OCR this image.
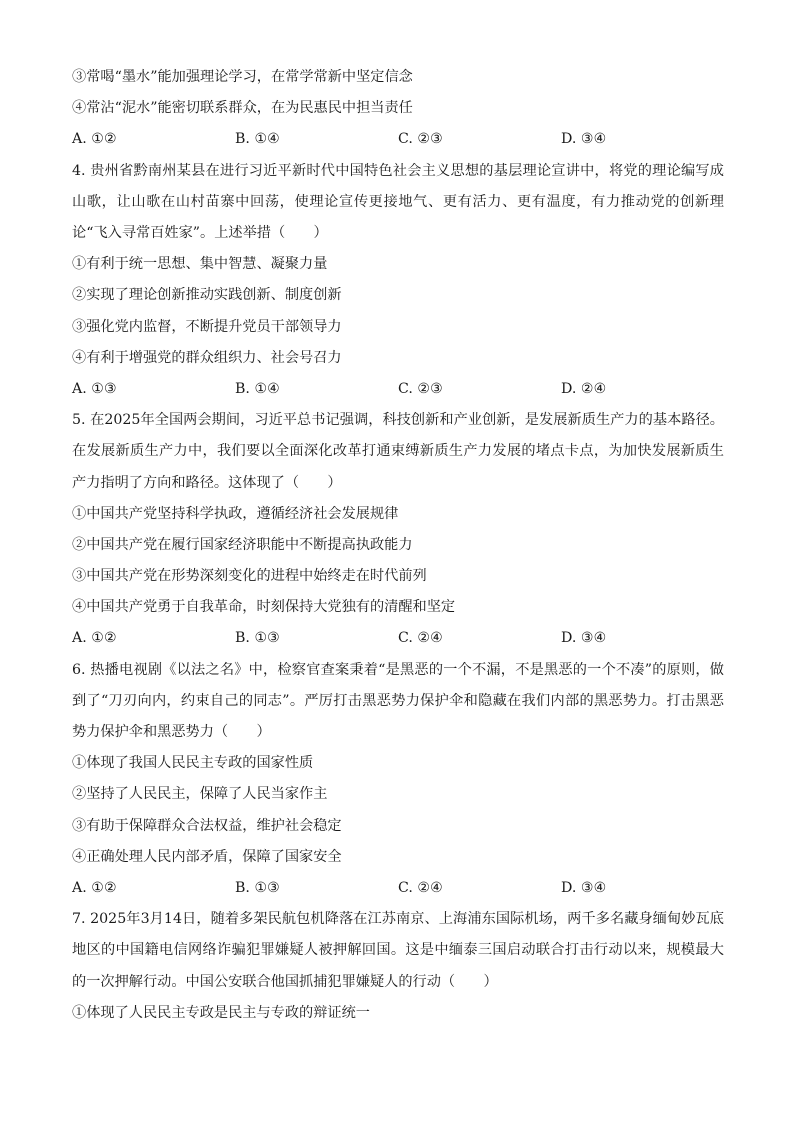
③常喝“墨水”能加强理论学习，在常学常新中坚定信念
④常沾“泥水”能密切联系群众，在为民惠民中担当责任
A. ①②	B. ①④	C. ②③	D. ③④
4. 贵州省黔南州某县在进行习近平新时代中国特色社会主义思想的基层理论宣讲中，将党的理论编写成山歌，让山歌在山村苗寨中回荡，使理论宣传更接地气、更有活力、更有温度，有力推动党的创新理论“飞入寻常百姓家”。上述举措（　　）
①有利于统一思想、集中智慧、凝聚力量
②实现了理论创新推动实践创新、制度创新
③强化党内监督，不断提升党员干部领导力
④有利于增强党的群众组织力、社会号召力
A. ①③	B. ①④	C. ②③	D. ②④
5. 在2025年全国两会期间，习近平总书记强调，科技创新和产业创新，是发展新质生产力的基本路径。在发展新质生产力中，我们要以全面深化改革打通束缚新质生产力发展的堵点卡点，为加快发展新质生产力指明了方向和路径。这体现了（　　）
①中国共产党坚持科学执政，遵循经济社会发展规律
②中国共产党在履行国家经济职能中不断提高执政能力
③中国共产党在形势深刻变化的进程中始终走在时代前列
④中国共产党勇于自我革命，时刻保持大党独有的清醒和坚定
A. ①②	B. ①③	C. ②④	D. ③④
6. 热播电视剧《以法之名》中，检察官查案秉着“是黑恶的一个不漏，不是黑恶的一个不凑”的原则，做到了“刀刃向内，约束自己的同志”。严厉打击黑恶势力保护伞和隐藏在我们内部的黑恶势力。打击黑恶势力保护伞和黑恶势力（　　）
①体现了我国人民民主专政的国家性质
②坚持了人民民主，保障了人民当家作主
③有助于保障群众合法权益，维护社会稳定
④正确处理人民内部矛盾，保障了国家安全
A. ①②	B. ①③	C. ②④	D. ③④
7. 2025年3月14日，随着多架民航包机降落在江苏南京、上海浦东国际机场，两千多名藏身缅甸妙瓦底地区的中国籍电信网络诈骗犯罪嫌疑人被押解回国。这是中缅泰三国启动联合打击行动以来，规模最大的一次押解行动。中国公安联合他国抓捕犯罪嫌疑人的行动（　　）
①体现了人民民主专政是民主与专政的辩证统一
